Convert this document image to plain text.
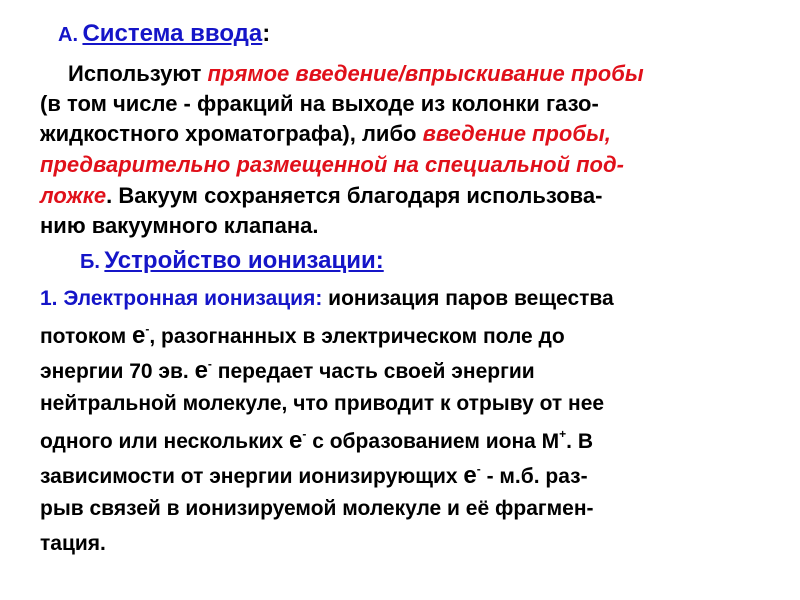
А. Система ввода:
Используют прямое введение/впрыскивание пробы
(в том числе - фракций на выходе из колонки газо-
жидкостного хроматографа), либо введение пробы,
предварительно размещенной на специальной под-
ложке. Вакуум сохраняется благодаря использова-
нию вакуумного клапана.
Б. Устройство ионизации:
1. Электронная ионизация: ионизация паров вещества
потоком е-, разогнанных в электрическом поле до
энергии 70 эв. е- передает часть своей энергии
нейтральной молекуле, что приводит к отрыву от нее
одного или нескольких е- с образованием иона М+. В
зависимости от энергии ионизирующих е- - м.б. раз-
рыв связей в ионизируемой молекуле и её фрагмен-
тация.
